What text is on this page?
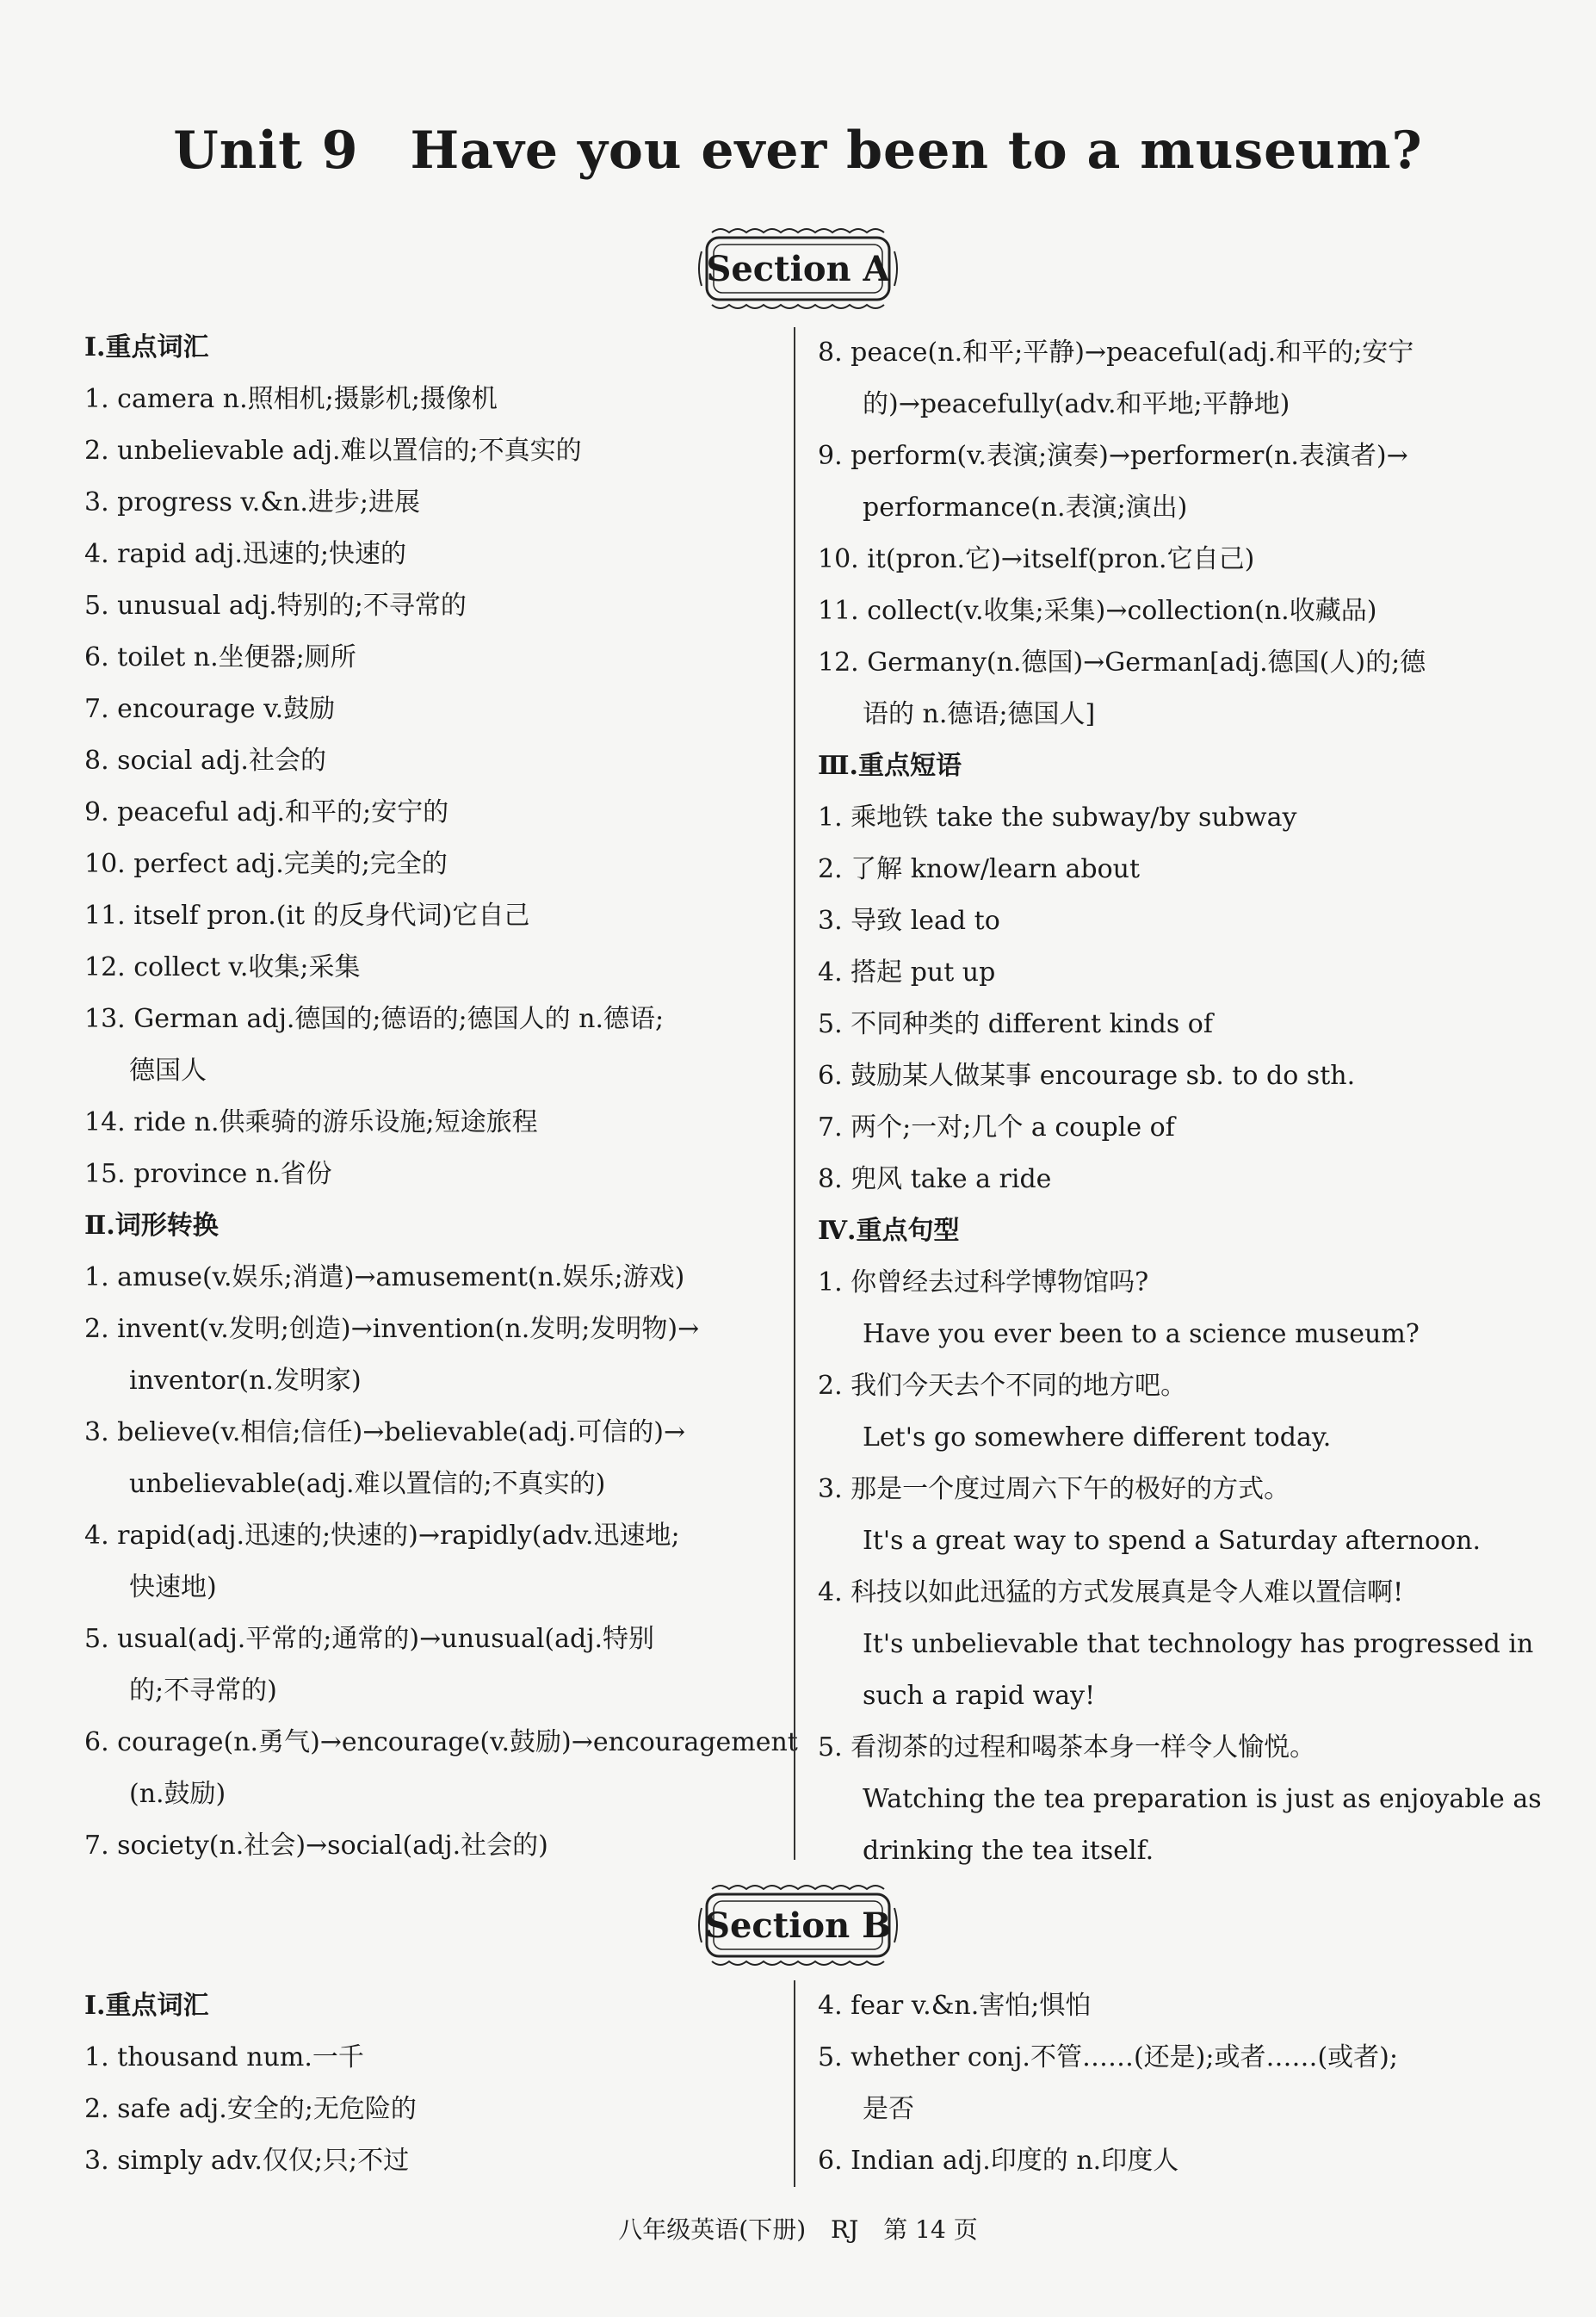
Unit 9 Have you ever been to a museum?
Section A
Ⅰ.重点词汇
1. camera n.照相机;摄影机;摄像机
2. unbelievable adj.难以置信的;不真实的
3. progress v.&n.进步;进展
4. rapid adj.迅速的;快速的
5. unusual adj.特别的;不寻常的
6. toilet n.坐便器;厕所
7. encourage v.鼓励
8. social adj.社会的
9. peaceful adj.和平的;安宁的
10. perfect adj.完美的;完全的
11. itself pron.(it 的反身代词)它自己
12. collect v.收集;采集
13. German adj.德国的;德语的;德国人的 n.德语;
德国人
14. ride n.供乘骑的游乐设施;短途旅程
15. province n.省份
Ⅱ.词形转换
1. amuse(v.娱乐;消遣)→amusement(n.娱乐;游戏)
2. invent(v.发明;创造)→invention(n.发明;发明物)→
inventor(n.发明家)
3. believe(v.相信;信任)→believable(adj.可信的)→
unbelievable(adj.难以置信的;不真实的)
4. rapid(adj.迅速的;快速的)→rapidly(adv.迅速地;
快速地)
5. usual(adj.平常的;通常的)→unusual(adj.特别
的;不寻常的)
6. courage(n.勇气)→encourage(v.鼓励)→encouragement
(n.鼓励)
7. society(n.社会)→social(adj.社会的)
8. peace(n.和平;平静)→peaceful(adj.和平的;安宁
的)→peacefully(adv.和平地;平静地)
9. perform(v.表演;演奏)→performer(n.表演者)→
performance(n.表演;演出)
10. it(pron.它)→itself(pron.它自己)
11. collect(v.收集;采集)→collection(n.收藏品)
12. Germany(n.德国)→German[adj.德国(人)的;德
语的 n.德语;德国人]
Ⅲ.重点短语
1. 乘地铁 take the subway/by subway
2. 了解 know/learn about
3. 导致 lead to
4. 搭起 put up
5. 不同种类的 different kinds of
6. 鼓励某人做某事 encourage sb. to do sth.
7. 两个;一对;几个 a couple of
8. 兜风 take a ride
Ⅳ.重点句型
1. 你曾经去过科学博物馆吗?
Have you ever been to a science museum?
2. 我们今天去个不同的地方吧。
Let's go somewhere different today.
3. 那是一个度过周六下午的极好的方式。
It's a great way to spend a Saturday afternoon.
4. 科技以如此迅猛的方式发展真是令人难以置信啊!
It's unbelievable that technology has progressed in
such a rapid way!
5. 看沏茶的过程和喝茶本身一样令人愉悦。
Watching the tea preparation is just as enjoyable as
drinking the tea itself.
Section B
Ⅰ.重点词汇
1. thousand num.一千
2. safe adj.安全的;无危险的
3. simply adv.仅仅;只;不过
4. fear v.&n.害怕;惧怕
5. whether conj.不管……(还是);或者……(或者);
是否
6. Indian adj.印度的 n.印度人
八年级英语(下册) RJ 第 14 页
